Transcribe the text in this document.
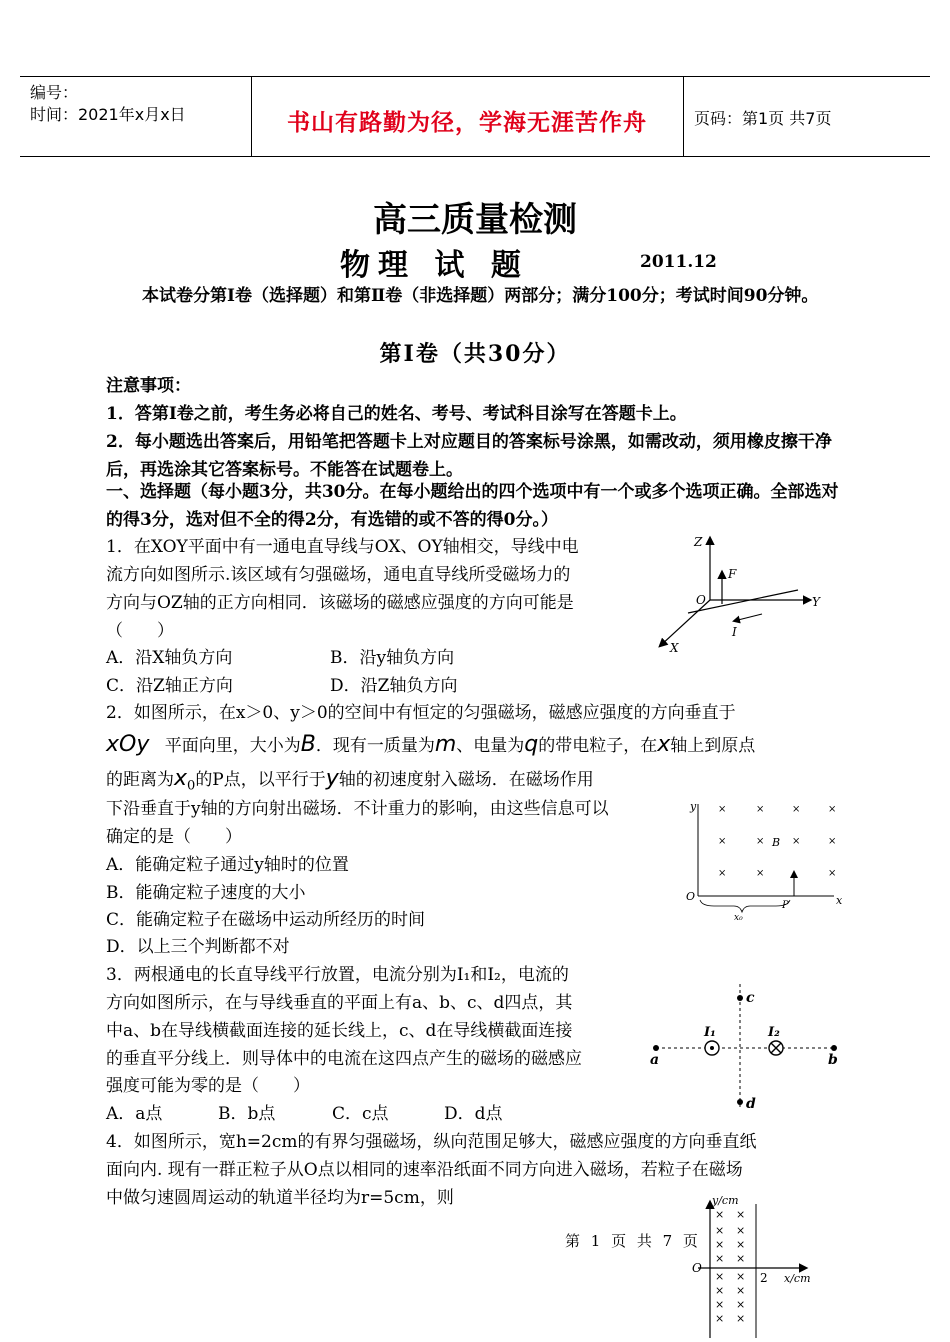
编号：
时间：2021年x月x日	书山有路勤为径，学海无涯苦作舟	页码：第1页 共7页
高三质量检测
物理 试 题	2011.12
本试卷分第I卷（选择题）和第Ⅱ卷（非选择题）两部分；满分100分；考试时间90分钟。
第Ⅰ卷（共30分）
注意事项：
1．答第I卷之前，考生务必将自己的姓名、考号、考试科目涂写在答题卡上。
2．每小题选出答案后，用铅笔把答题卡上对应题目的答案标号涂黑，如需改动，须用橡皮擦干净后，再选涂其它答案标号。不能答在试题卷上。
一、选择题（每小题3分，共30分。在每小题给出的四个选项中有一个或多个选项正确。全部选对的得3分，选对但不全的得2分，有选错的或不答的得0分。）
1．在XOY平面中有一通电直导线与OX、OY轴相交，导线中电
流方向如图所示.该区域有匀强磁场，通电直导线所受磁场力的
方向与OZ轴的正方向相同．该磁场的磁感应强度的方向可能是
（　　）
A．沿X轴负方向	B．沿y轴负方向
C．沿Z轴正方向	D．沿Z轴负方向
Z
F
O	Y
I
X
2．如图所示，在x＞0、y＞0的空间中有恒定的匀强磁场，磁感应强度的方向垂直于
xOy 平面向里，大小为B．现有一质量为m、电量为q的带电粒子，在x轴上到原点
的距离为$x_0$的P点，以平行于y轴的初速度射入磁场．在磁场作用
下沿垂直于y轴的方向射出磁场．不计重力的影响，由这些信息可以
确定的是（　　）
A．能确定粒子通过y轴时的位置
B．能确定粒子速度的大小
C．能确定粒子在磁场中运动所经历的时间
D．以上三个判断都不对
×	×	×	×
×	×	×	×
×	×	×
y
B
O
P	x
x₀
3．两根通电的长直导线平行放置，电流分别为I₁和I₂，电流的
方向如图所示，在与导线垂直的平面上有a、b、c、d四点，其
中a、b在导线横截面连接的延长线上，c、d在导线横截面连接
的垂直平分线上．则导体中的电流在这四点产生的磁场的磁感应
强度可能为零的是（　　）
A．a点	B．b点	C．c点	D．d点
I₁	I₂
a	b
c
d
4．如图所示，宽h=2cm的有界匀强磁场，纵向范围足够大，磁感应强度的方向垂直纸
面向内. 现有一群正粒子从O点以相同的速率沿纸面不同方向进入磁场，若粒子在磁场
中做匀速圆周运动的轨道半径均为r=5cm，则
× ×
× ×
× ×
× ×
× ×
× ×
× ×
× ×
y/cm
O
2 x/cm
第 1 页 共 7 页
